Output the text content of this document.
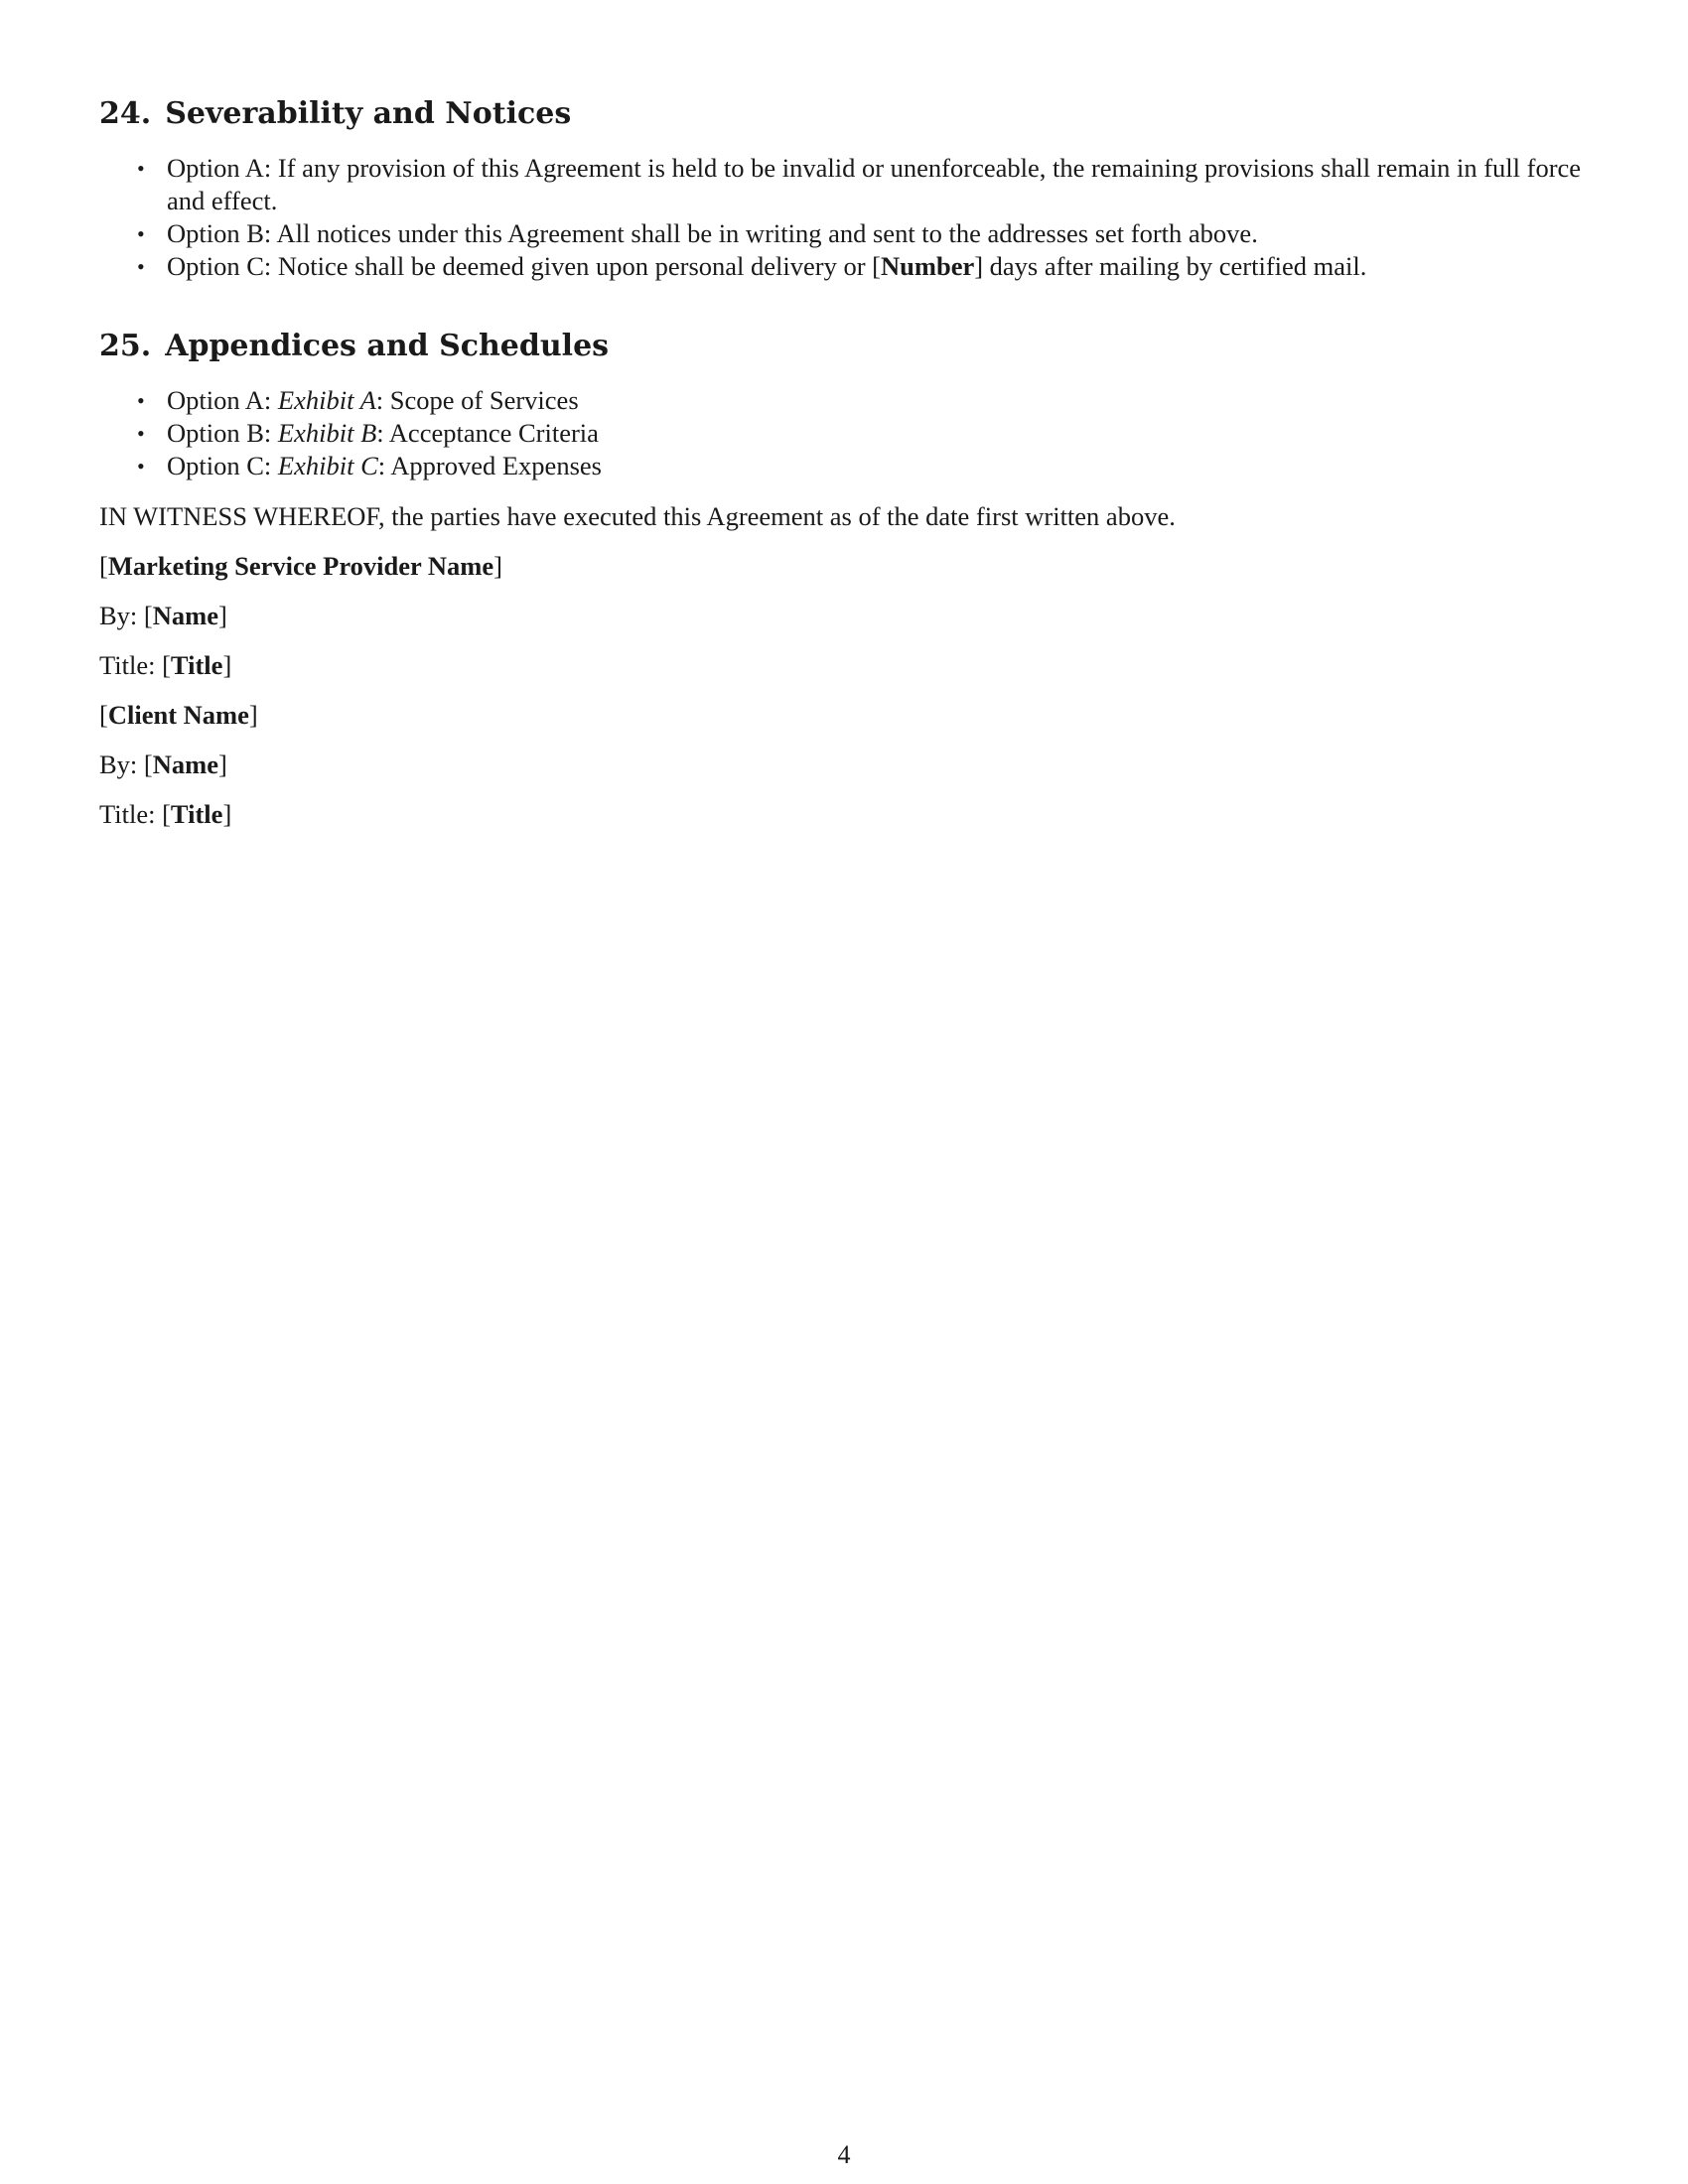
24. Severability and Notices
• Option A: If any provision of this Agreement is held to be invalid or unenforceable, the remaining provisions shall remain in full force and effect.
• Option B: All notices under this Agreement shall be in writing and sent to the addresses set forth above.
• Option C: Notice shall be deemed given upon personal delivery or [Number] days after mailing by certified mail.
25. Appendices and Schedules
• Option A: Exhibit A: Scope of Services
• Option B: Exhibit B: Acceptance Criteria
• Option C: Exhibit C: Approved Expenses

IN WITNESS WHEREOF, the parties have executed this Agreement as of the date first written above.

[Marketing Service Provider Name]

By: [Name]

Title: [Title]

[Client Name]

By: [Name]

Title: [Title]

4
